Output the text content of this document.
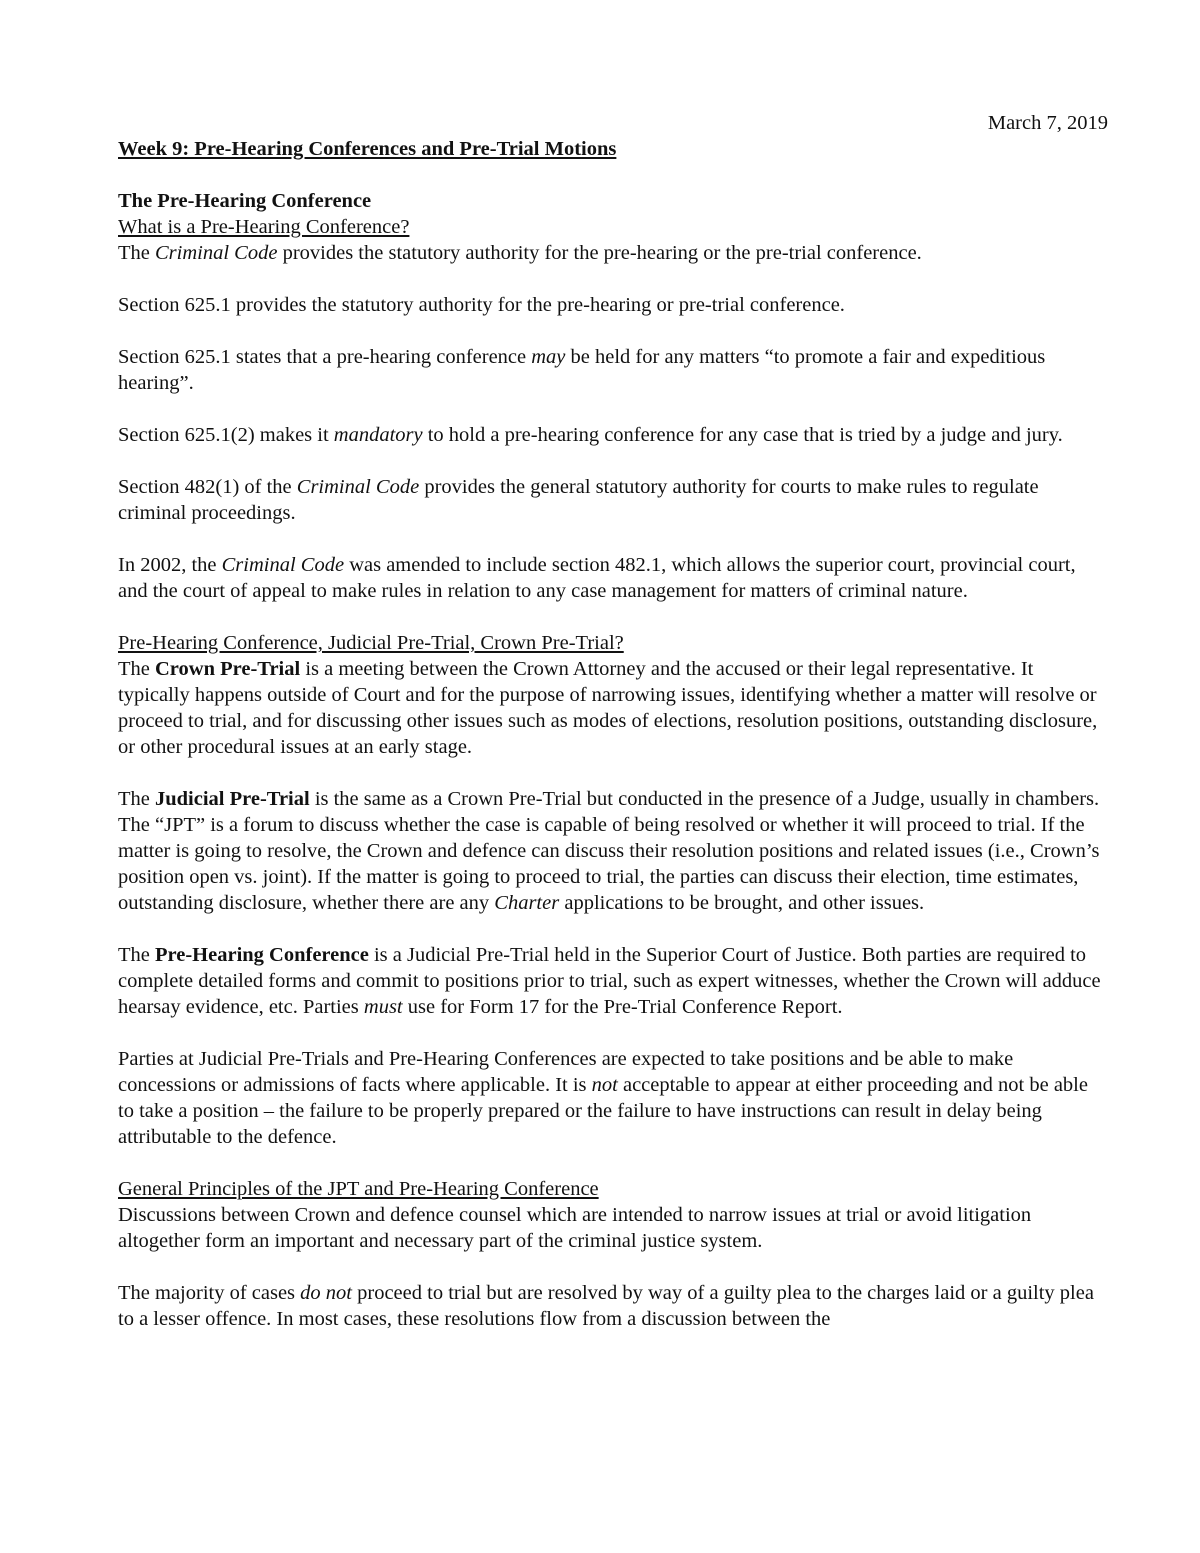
March 7, 2019

Week 9: Pre-Hearing Conferences and Pre-Trial Motions

The Pre-Hearing Conference

What is a Pre-Hearing Conference?

The Criminal Code provides the statutory authority for the pre-hearing or the pre-trial conference.

Section 625.1 provides the statutory authority for the pre-hearing or pre-trial conference.

Section 625.1 states that a pre-hearing conference may be held for any matters “to promote a fair and expeditious hearing”.

Section 625.1(2) makes it mandatory to hold a pre-hearing conference for any case that is tried by a judge and jury.

Section 482(1) of the Criminal Code provides the general statutory authority for courts to make rules to regulate criminal proceedings.

In 2002, the Criminal Code was amended to include section 482.1, which allows the superior court, provincial court, and the court of appeal to make rules in relation to any case management for matters of criminal nature.

Pre-Hearing Conference, Judicial Pre-Trial, Crown Pre-Trial?

The Crown Pre-Trial is a meeting between the Crown Attorney and the accused or their legal representative. It typically happens outside of Court and for the purpose of narrowing issues, identifying whether a matter will resolve or proceed to trial, and for discussing other issues such as modes of elections, resolution positions, outstanding disclosure, or other procedural issues at an early stage.

The Judicial Pre-Trial is the same as a Crown Pre-Trial but conducted in the presence of a Judge, usually in chambers. The “JPT” is a forum to discuss whether the case is capable of being resolved or whether it will proceed to trial. If the matter is going to resolve, the Crown and defence can discuss their resolution positions and related issues (i.e., Crown’s position open vs. joint). If the matter is going to proceed to trial, the parties can discuss their election, time estimates, outstanding disclosure, whether there are any Charter applications to be brought, and other issues.

The Pre-Hearing Conference is a Judicial Pre-Trial held in the Superior Court of Justice. Both parties are required to complete detailed forms and commit to positions prior to trial, such as expert witnesses, whether the Crown will adduce hearsay evidence, etc. Parties must use for Form 17 for the Pre-Trial Conference Report.

Parties at Judicial Pre-Trials and Pre-Hearing Conferences are expected to take positions and be able to make concessions or admissions of facts where applicable. It is not acceptable to appear at either proceeding and not be able to take a position – the failure to be properly prepared or the failure to have instructions can result in delay being attributable to the defence.

General Principles of the JPT and Pre-Hearing Conference

Discussions between Crown and defence counsel which are intended to narrow issues at trial or avoid litigation altogether form an important and necessary part of the criminal justice system.

The majority of cases do not proceed to trial but are resolved by way of a guilty plea to the charges laid or a guilty plea to a lesser offence. In most cases, these resolutions flow from a discussion between the
